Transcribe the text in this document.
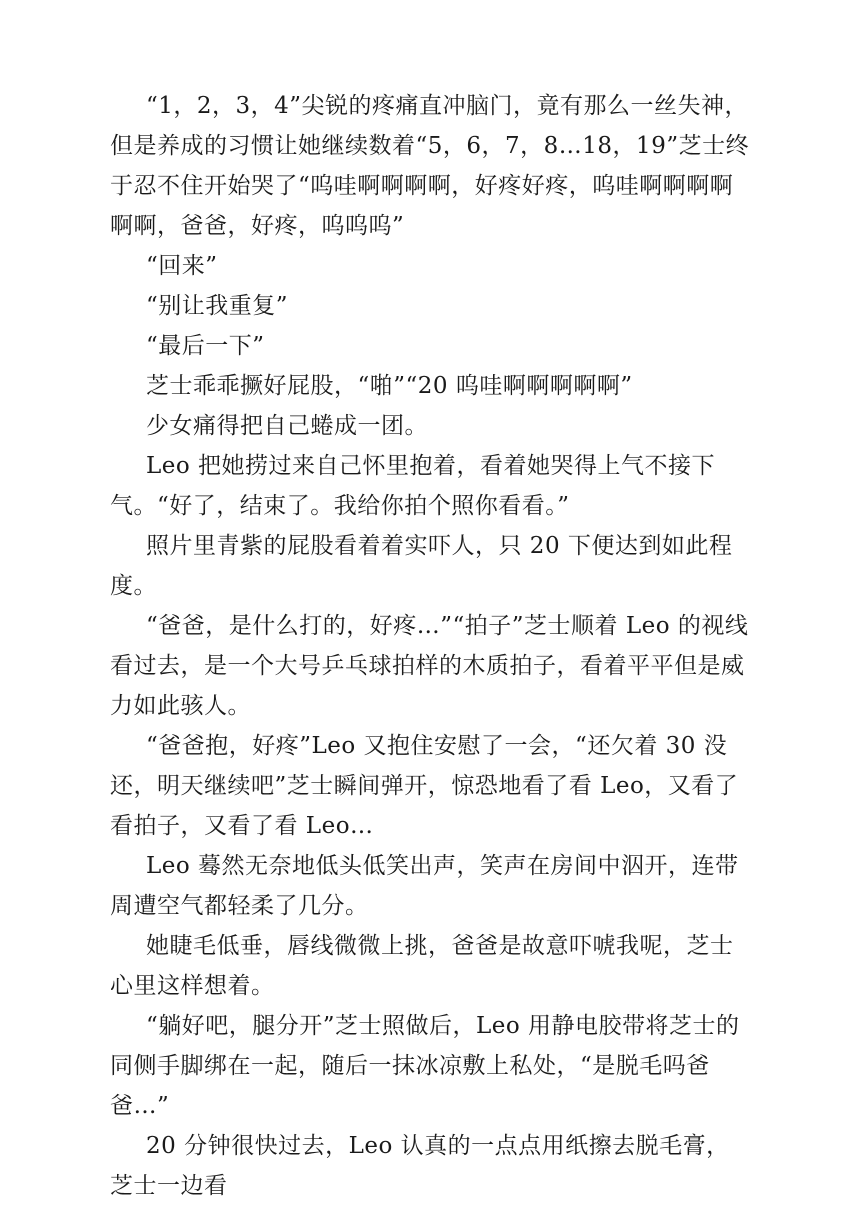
“1，2，3，4”尖锐的疼痛直冲脑门，竟有那么一丝失神，但是养成的习惯让她继续数着“5，6，7，8…18，19”芝士终于忍不住开始哭了“呜哇啊啊啊啊，好疼好疼，呜哇啊啊啊啊啊啊，爸爸，好疼，呜呜呜”

“回来”

“别让我重复”

“最后一下”

芝士乖乖撅好屁股，“啪”“20 呜哇啊啊啊啊啊”

少女痛得把自己蜷成一团。

Leo 把她捞过来自己怀里抱着，看着她哭得上气不接下气。“好了，结束了。我给你拍个照你看看。”

照片里青紫的屁股看着着实吓人，只 20 下便达到如此程度。

“爸爸，是什么打的，好疼…”“拍子”芝士顺着 Leo 的视线看过去，是一个大号乒乓球拍样的木质拍子，看着平平但是威力如此骇人。

“爸爸抱，好疼”Leo 又抱住安慰了一会，“还欠着 30 没还，明天继续吧”芝士瞬间弹开，惊恐地看了看 Leo，又看了看拍子，又看了看 Leo…

Leo 蓦然无奈地低头低笑出声，笑声在房间中泅开，连带周遭空气都轻柔了几分。

她睫毛低垂，唇线微微上挑，爸爸是故意吓唬我呢，芝士心里这样想着。

“躺好吧，腿分开”芝士照做后，Leo 用静电胶带将芝士的同侧手脚绑在一起，随后一抹冰凉敷上私处，“是脱毛吗爸爸…”

20 分钟很快过去，Leo 认真的一点点用纸擦去脱毛膏，芝士一边看
